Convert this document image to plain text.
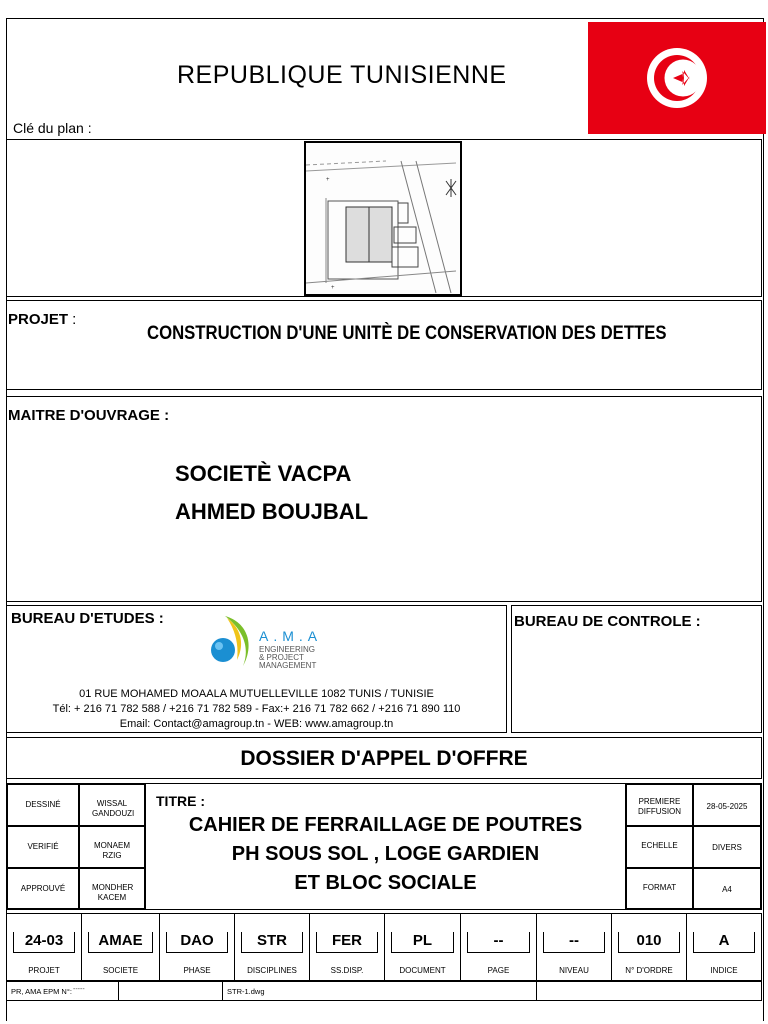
REPUBLIQUE TUNISIENNE
Clé du plan :
+
+
PROJET :
CONSTRUCTION D'UNE UNITÈ DE CONSERVATION DES DETTES
MAITRE D'OUVRAGE :
SOCIETÈ VACPA
AHMED BOUJBAL
BUREAU D'ETUDES :
A.M.A
ENGINEERING
& PROJECT
MANAGEMENT
01 RUE MOHAMED MOAALA MUTUELLEVILLE 1082 TUNIS / TUNISIE
Tél: + 216 71 782 588 / +216 71 782 589 - Fax:+ 216 71 782 662 / +216 71 890 110
Email: Contact@amagroup.tn - WEB: www.amagroup.tn
BUREAU DE CONTROLE :
DOSSIER D'APPEL D'OFFRE
DESSINÉ	WISSAL GANDOUZI
VERIFIÉ	MONAEM RZIG
APPROUVÉ	MONDHER KACEM
TITRE :
CAHIER DE FERRAILLAGE DE POUTRES
PH SOUS SOL , LOGE GARDIEN
ET BLOC SOCIALE
PREMIERE DIFFUSION
28-05-2025
ECHELLE	DIVERS
FORMAT	A4
24-03
PROJET
AMAE
SOCIETE
DAO
PHASE
STR
DISCIPLINES
FER
SS.DISP.
PL
DOCUMENT
--
PAGE
--
NIVEAU
010
N° D'ORDRE
A
INDICE
PR, AMA EPM N°: -----	STR-1.dwg
